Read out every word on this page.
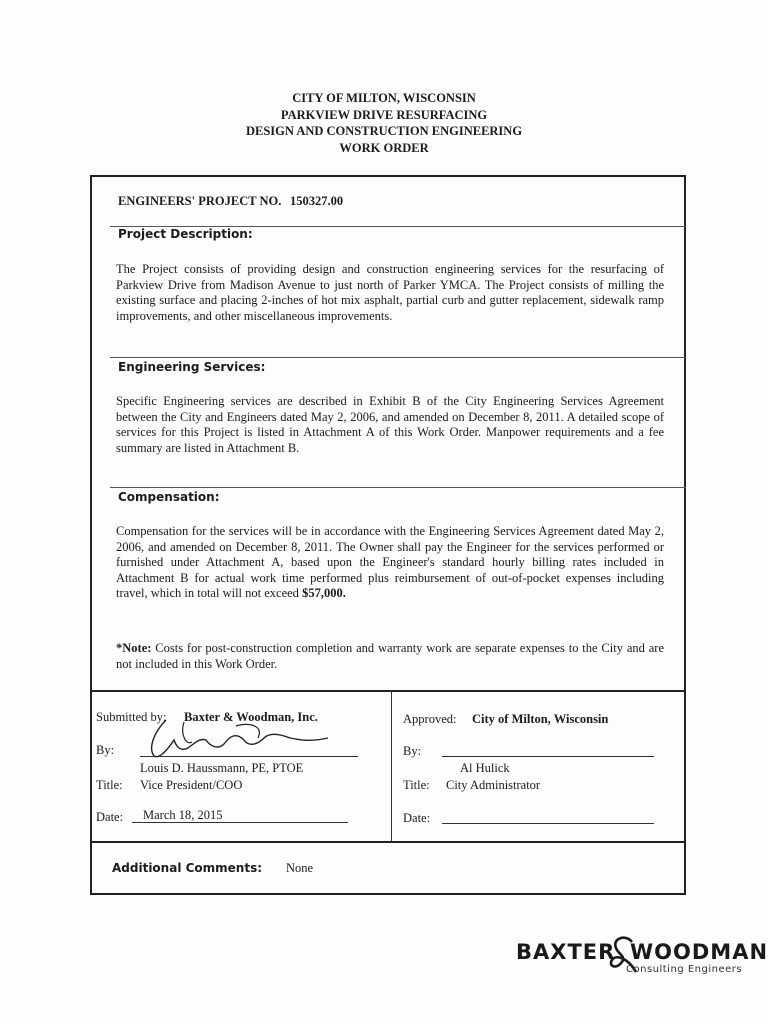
CITY OF MILTON, WISCONSIN
PARKVIEW DRIVE RESURFACING
DESIGN AND CONSTRUCTION ENGINEERING
WORK ORDER
ENGINEERS' PROJECT NO. 150327.00
Project Description:
The Project consists of providing design and construction engineering services for the resurfacing of Parkview Drive from Madison Avenue to just north of Parker YMCA. The Project consists of milling the existing surface and placing 2-inches of hot mix asphalt, partial curb and gutter replacement, sidewalk ramp improvements, and other miscellaneous improvements.
Engineering Services:
Specific Engineering services are described in Exhibit B of the City Engineering Services Agreement between the City and Engineers dated May 2, 2006, and amended on December 8, 2011. A detailed scope of services for this Project is listed in Attachment A of this Work Order. Manpower requirements and a fee summary are listed in Attachment B.
Compensation:
Compensation for the services will be in accordance with the Engineering Services Agreement dated May 2, 2006, and amended on December 8, 2011. The Owner shall pay the Engineer for the services performed or furnished under Attachment A, based upon the Engineer's standard hourly billing rates included in Attachment B for actual work time performed plus reimbursement of out-of-pocket expenses including travel, which in total will not exceed $57,000.
*Note: Costs for post-construction completion and warranty work are separate expenses to the City and are not included in this Work Order.
Submitted by: Baxter & Woodman, Inc.
By:
Louis D. Haussmann, PE, PTOE
Title: Vice President/COO
Date: March 18, 2015
Approved: City of Milton, Wisconsin
By:
Al Hulick
Title: City Administrator
Date:
Additional Comments: None
BAXTER WOODMAN
Consulting Engineers
